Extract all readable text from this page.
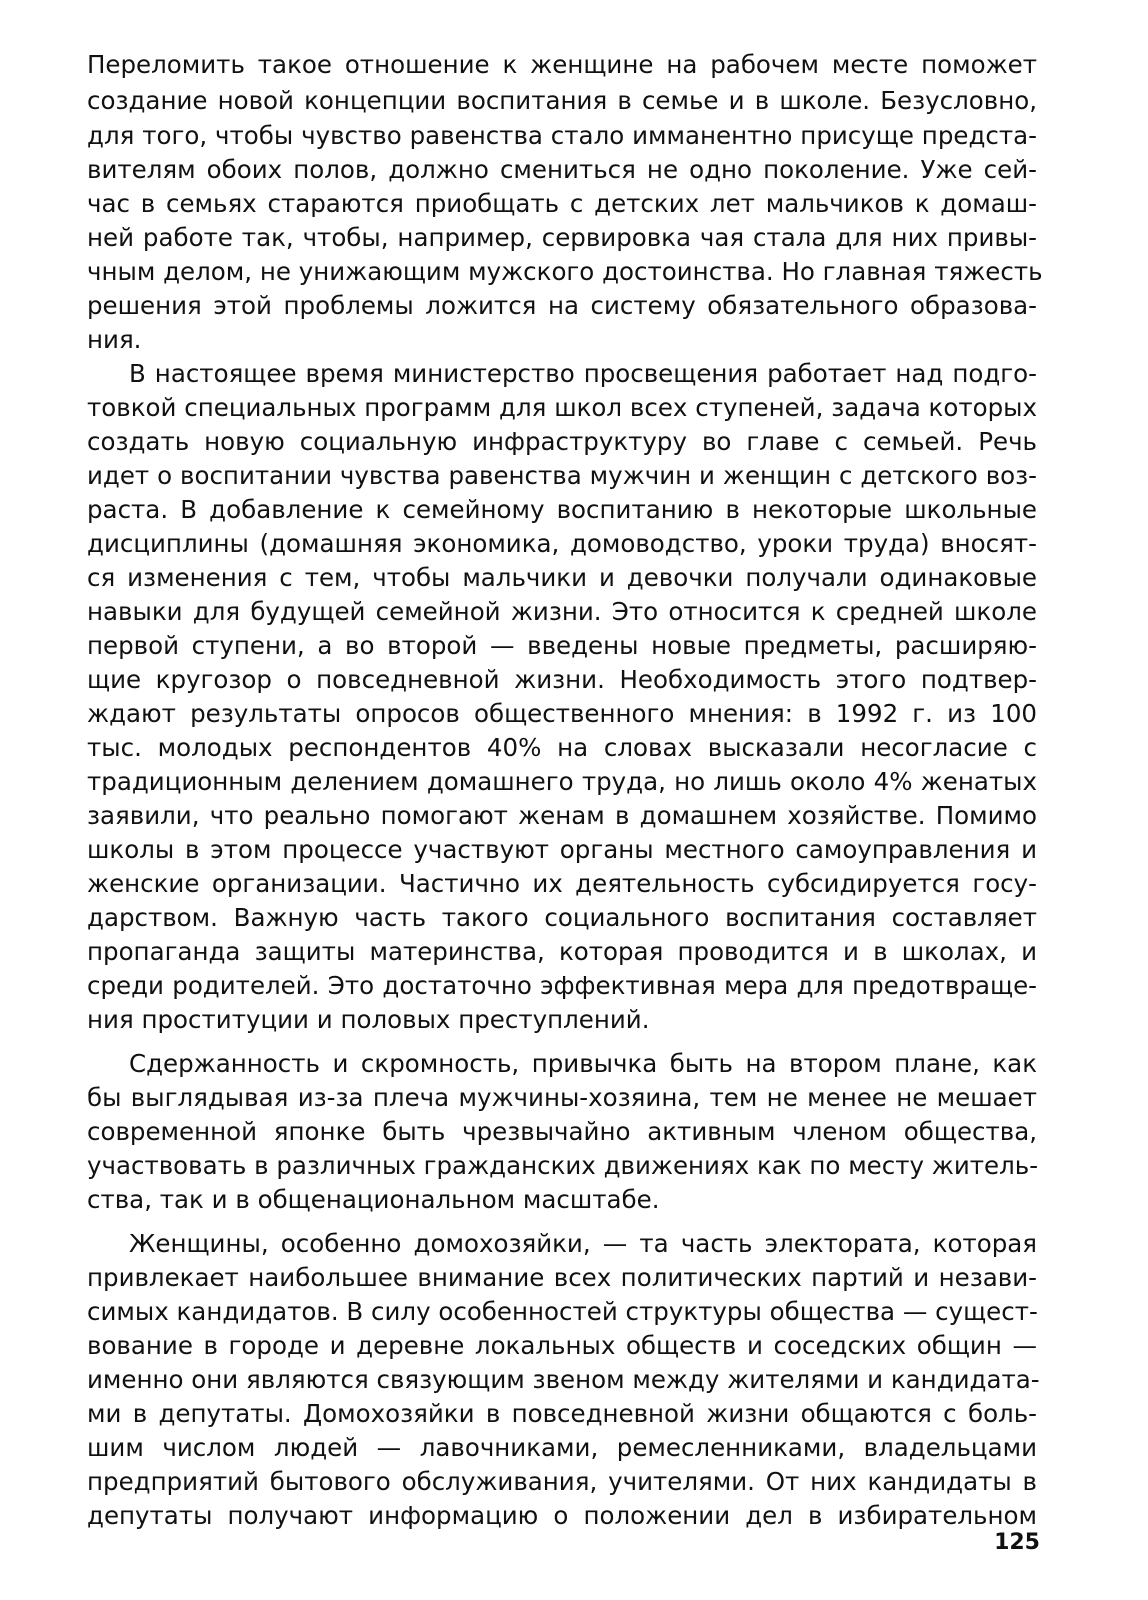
Переломить такое отношение к женщине на рабочем месте поможет
создание новой концепции воспитания в семье и в школе. Безусловно,
для того, чтобы чувство равенства стало имманентно присуще предста-
вителям обоих полов, должно смениться не одно поколение. Уже сей-
час в семьях стараются приобщать с детских лет мальчиков к домаш-
ней работе так, чтобы, например, сервировка чая стала для них привы-
чным делом, не унижающим мужского достоинства. Но главная тяжесть
решения этой проблемы ложится на систему обязательного образова-
ния.
В настоящее время министерство просвещения работает над подго-
товкой специальных программ для школ всех ступеней, задача которых
создать новую социальную инфраструктуру во главе с семьей. Речь
идет о воспитании чувства равенства мужчин и женщин с детского воз-
раста. В добавление к семейному воспитанию в некоторые школьные
дисциплины (домашняя экономика, домоводство, уроки труда) вносят-
ся изменения с тем, чтобы мальчики и девочки получали одинаковые
навыки для будущей семейной жизни. Это относится к средней школе
первой ступени, а во второй — введены новые предметы, расширяю-
щие кругозор о повседневной жизни. Необходимость этого подтвер-
ждают результаты опросов общественного мнения: в 1992 г. из 100
тыс. молодых респондентов 40% на словах высказали несогласие с
традиционным делением домашнего труда, но лишь около 4% женатых
заявили, что реально помогают женам в домашнем хозяйстве. Помимо
школы в этом процессе участвуют органы местного самоуправления и
женские организации. Частично их деятельность субсидируется госу-
дарством. Важную часть такого социального воспитания составляет
пропаганда защиты материнства, которая проводится и в школах, и
среди родителей. Это достаточно эффективная мера для предотвраще-
ния проституции и половых преступлений.
Сдержанность и скромность, привычка быть на втором плане, как
бы выглядывая из-за плеча мужчины-хозяина, тем не менее не мешает
современной японке быть чрезвычайно активным членом общества,
участвовать в различных гражданских движениях как по месту житель-
ства, так и в общенациональном масштабе.
Женщины, особенно домохозяйки, — та часть электората, которая
привлекает наибольшее внимание всех политических партий и незави-
симых кандидатов. В силу особенностей структуры общества — сущест-
вование в городе и деревне локальных обществ и соседских общин —
именно они являются связующим звеном между жителями и кандидата-
ми в депутаты. Домохозяйки в повседневной жизни общаются с боль-
шим числом людей — лавочниками, ремесленниками, владельцами
предприятий бытового обслуживания, учителями. От них кандидаты в
депутаты получают информацию о положении дел в избирательном
125
